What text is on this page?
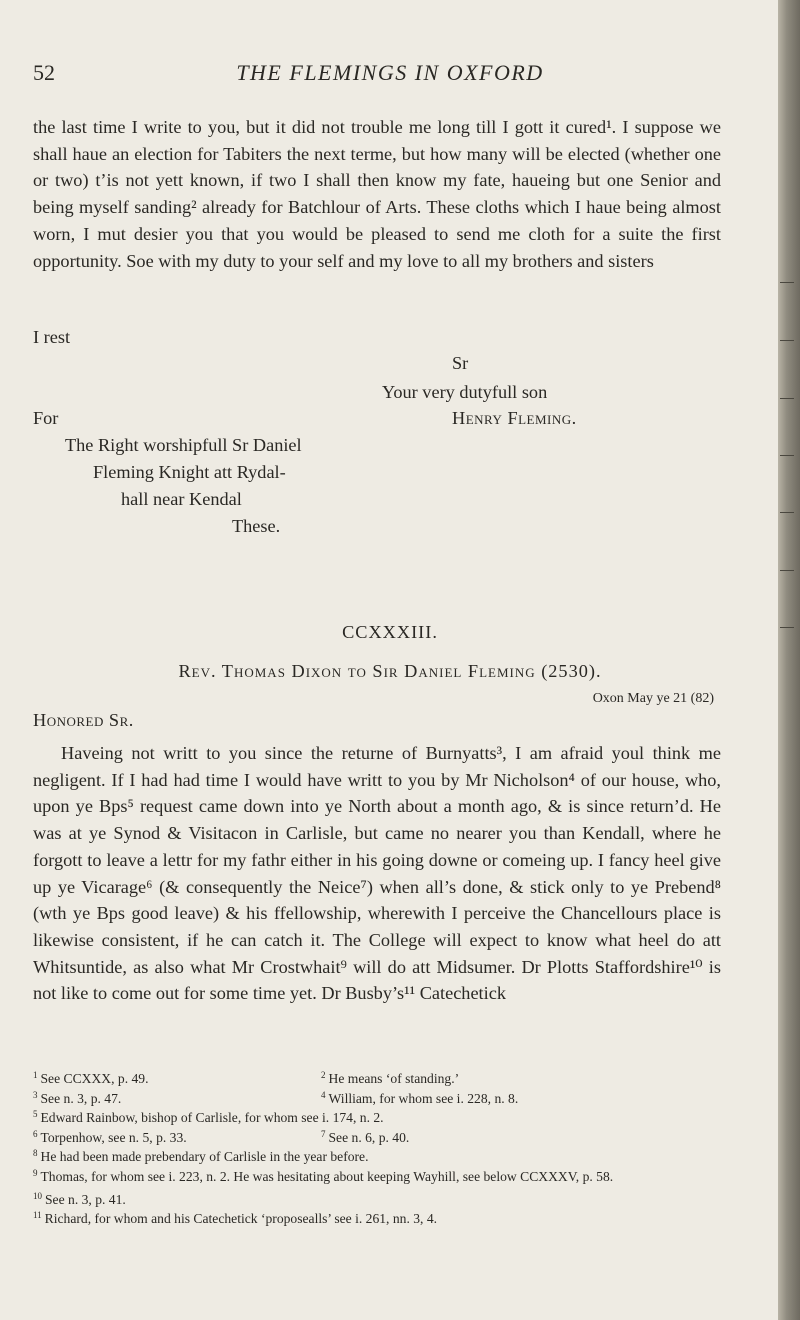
52	THE FLEMINGS IN OXFORD
the last time I write to you, but it did not trouble me long till I gott it cured¹. I suppose we shall haue an election for Tabiters the next terme, but how many will be elected (whether one or two) t’is not yett known, if two I shall then know my fate, haueing but one Senior and being myself sanding² already for Batchlour of Arts. These cloths which I haue being almost worn, I mut desier you that you would be pleased to send me cloth for a suite the first opportunity. Soe with my duty to your self and my love to all my brothers and sisters
I rest
Sr
Your very dutyfull son
Henry Fleming.
For
The Right worshipfull Sr Daniel
Fleming Knight att Rydal-
hall near Kendal
These.
CCXXXIII.
Rev. Thomas Dixon to Sir Daniel Fleming (2530).
Oxon May ye 21 (82)
Honored Sr.
Haveing not writt to you since the returne of Burnyatts³, I am afraid youl think me negligent. If I had had time I would have writt to you by Mr Nicholson⁴ of our house, who, upon ye Bps⁵ request came down into ye North about a month ago, & is since return’d. He was at ye Synod & Visitacon in Carlisle, but came no nearer you than Kendall, where he forgott to leave a lettr for my fathr either in his going downe or comeing up. I fancy heel give up ye Vicarage⁶ (& consequently the Neice⁷) when all’s done, & stick only to ye Prebend⁸ (wth ye Bps good leave) & his ffellowship, wherewith I perceive the Chancellours place is likewise consistent, if he can catch it. The College will expect to know what heel do att Whitsuntide, as also what Mr Crostwhait⁹ will do att Midsumer. Dr Plotts Staffordshire¹⁰ is not like to come out for some time yet. Dr Busby’s¹¹ Catechetick
$^1$ See CCXXX, p. 49.	$^2$ He means ‘of standing.’
$^3$ See n. 3, p. 47.	$^4$ William, for whom see i. 228, n. 8.
$^5$ Edward Rainbow, bishop of Carlisle, for whom see i. 174, n. 2.
$^6$ Torpenhow, see n. 5, p. 33.	$^7$ See n. 6, p. 40.
$^8$ He had been made prebendary of Carlisle in the year before.
$^9$ Thomas, for whom see i. 223, n. 2. He was hesitating about keeping Wayhill, see below CCXXXV, p. 58.
$^{10}$ See n. 3, p. 41.
$^{11}$ Richard, for whom and his Catechetick ‘proposealls’ see i. 261, nn. 3, 4.
